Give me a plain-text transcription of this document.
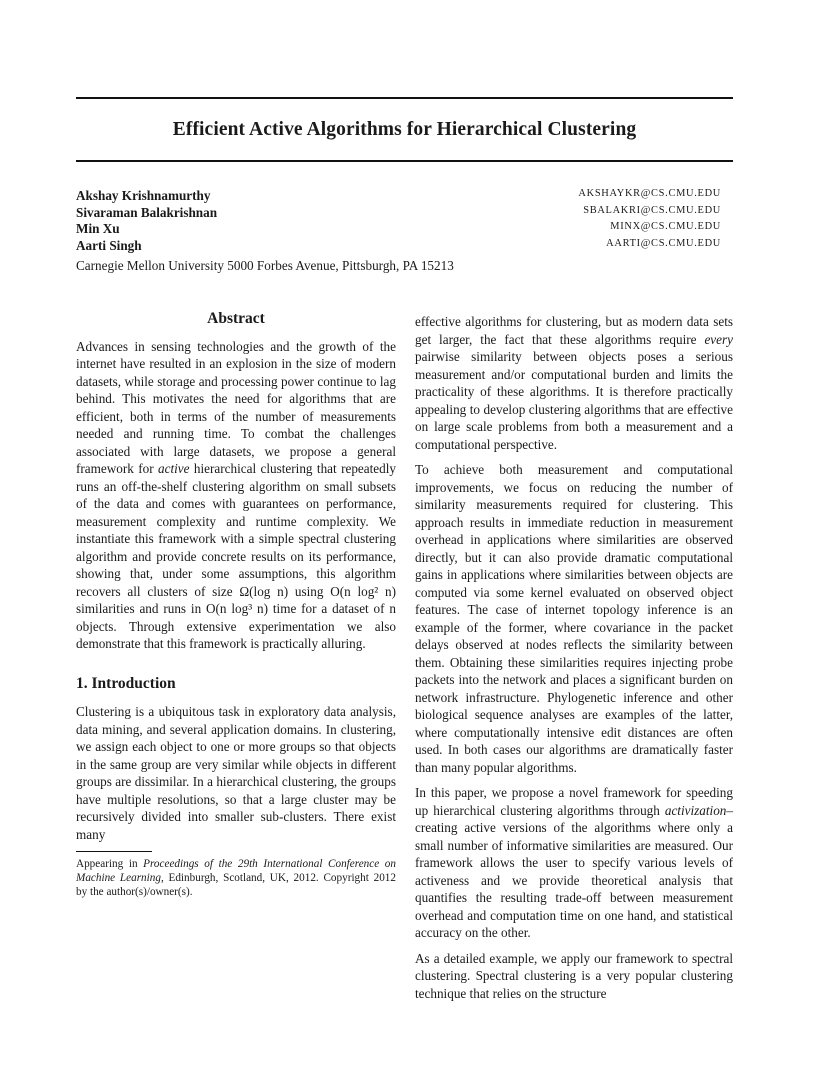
Efficient Active Algorithms for Hierarchical Clustering
Akshay Krishnamurthy	AKSHAYKR@CS.CMU.EDU
Sivaraman Balakrishnan	SBALAKRI@CS.CMU.EDU
Min Xu	MINX@CS.CMU.EDU
Aarti Singh	AARTI@CS.CMU.EDU
Carnegie Mellon University 5000 Forbes Avenue, Pittsburgh, PA 15213
Abstract

Advances in sensing technologies and the growth of the internet have resulted in an explosion in the size of modern datasets, while storage and processing power continue to lag behind. This motivates the need for algorithms that are efficient, both in terms of the number of measurements needed and running time. To combat the challenges associated with large datasets, we propose a general framework for active hierarchical clustering that repeatedly runs an off-the-shelf clustering algorithm on small subsets of the data and comes with guarantees on performance, measurement complexity and runtime complexity. We instantiate this framework with a simple spectral clustering algorithm and provide concrete results on its performance, showing that, under some assumptions, this algorithm recovers all clusters of size Ω(log n) using O(n log² n) similarities and runs in O(n log³ n) time for a dataset of n objects. Through extensive experimentation we also demonstrate that this framework is practically alluring.

1. Introduction

Clustering is a ubiquitous task in exploratory data analysis, data mining, and several application domains. In clustering, we assign each object to one or more groups so that objects in the same group are very similar while objects in different groups are dissimilar. In a hierarchical clustering, the groups have multiple resolutions, so that a large cluster may be recursively divided into smaller sub-clusters. There exist many

Appearing in Proceedings of the 29th International Conference on Machine Learning, Edinburgh, Scotland, UK, 2012. Copyright 2012 by the author(s)/owner(s).

effective algorithms for clustering, but as modern data sets get larger, the fact that these algorithms require every pairwise similarity between objects poses a serious measurement and/or computational burden and limits the practicality of these algorithms. It is therefore practically appealing to develop clustering algorithms that are effective on large scale problems from both a measurement and a computational perspective.

To achieve both measurement and computational improvements, we focus on reducing the number of similarity measurements required for clustering. This approach results in immediate reduction in measurement overhead in applications where similarities are observed directly, but it can also provide dramatic computational gains in applications where similarities between objects are computed via some kernel evaluated on observed object features. The case of internet topology inference is an example of the former, where covariance in the packet delays observed at nodes reflects the similarity between them. Obtaining these similarities requires injecting probe packets into the network and places a significant burden on network infrastructure. Phylogenetic inference and other biological sequence analyses are examples of the latter, where computationally intensive edit distances are often used. In both cases our algorithms are dramatically faster than many popular algorithms.

In this paper, we propose a novel framework for speeding up hierarchical clustering algorithms through activization–creating active versions of the algorithms where only a small number of informative similarities are measured. Our framework allows the user to specify various levels of activeness and we provide theoretical analysis that quantifies the resulting trade-off between measurement overhead and computation time on one hand, and statistical accuracy on the other.

As a detailed example, we apply our framework to spectral clustering. Spectral clustering is a very popular clustering technique that relies on the structure
